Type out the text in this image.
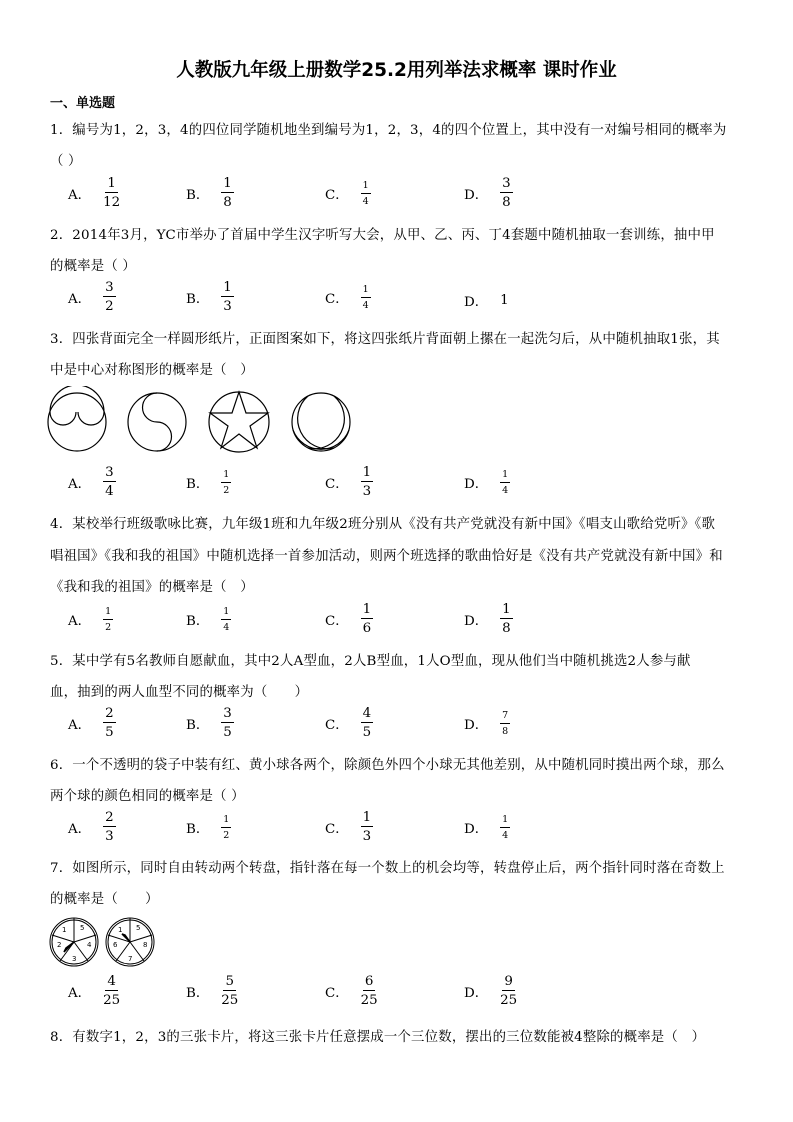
人教版九年级上册数学25.2用列举法求概率 课时作业
一、单选题
1．编号为1，2，3，4的四位同学随机地坐到编号为1，2，3，4的四个位置上，其中没有一对编号相同的概率为
（ ）
A． $\frac{1}{12}$	B． $\frac{1}{8}$	C． $\frac{1}{4}$	D． $\frac{3}{8}$
2．2014年3月，YC市举办了首届中学生汉字听写大会，从甲、乙、丙、丁4套题中随机抽取一套训练，抽中甲
的概率是（ ）
A． $\frac{3}{2}$	B． $\frac{1}{3}$	C． $\frac{1}{4}$	D． 1
3．四张背面完全一样圆形纸片，正面图案如下，将这四张纸片背面朝上摞在一起洗匀后，从中随机抽取1张，其
中是中心对称图形的概率是（　）
A． $\frac{3}{4}$	B． $\frac{1}{2}$	C． $\frac{1}{3}$	D． $\frac{1}{4}$
4．某校举行班级歌咏比赛，九年级1班和九年级2班分别从《没有共产党就没有新中国》《唱支山歌给党听》《歌
唱祖国》《我和我的祖国》中随机选择一首参加活动，则两个班选择的歌曲恰好是《没有共产党就没有新中国》和
《我和我的祖国》的概率是（　）
A． $\frac{1}{2}$	B． $\frac{1}{4}$	C． $\frac{1}{6}$	D． $\frac{1}{8}$
5．某中学有5名教师自愿献血，其中2人A型血，2人B型血，1人O型血，现从他们当中随机挑选2人参与献
血，抽到的两人血型不同的概率为（　　）
A． $\frac{2}{5}$	B． $\frac{3}{5}$	C． $\frac{4}{5}$	D． $\frac{7}{8}$
6．一个不透明的袋子中装有红、黄小球各两个，除颜色外四个小球无其他差别，从中随机同时摸出两个球，那么
两个球的颜色相同的概率是（ ）
A． $\frac{2}{3}$	B． $\frac{1}{2}$	C． $\frac{1}{3}$	D． $\frac{1}{4}$
7．如图所示，同时自由转动两个转盘，指针落在每一个数上的机会均等，转盘停止后，两个指针同时落在奇数上
的概率是（　　）
1 5
2	4
3
1 5
6	8
7
A． $\frac{4}{25}$	B． $\frac{5}{25}$	C． $\frac{6}{25}$	D． $\frac{9}{25}$
8．有数字1，2，3的三张卡片，将这三张卡片任意摆成一个三位数，摆出的三位数能被4整除的概率是（　）
